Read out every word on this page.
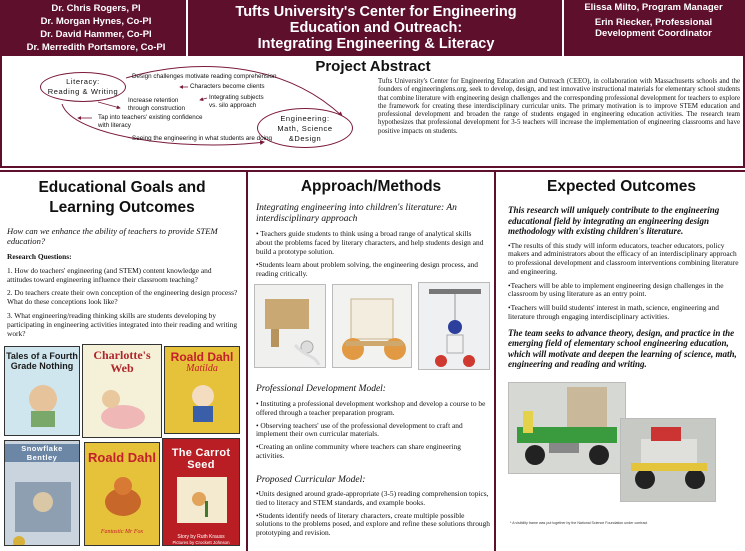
Dr. Chris Rogers, PI
Dr. Morgan Hynes, Co-PI
Dr. David Hammer, Co-PI
Dr. Merredith Portsmore, Co-PI
Tufts University's Center for Engineering
Education and Outreach:
Integrating Engineering & Literacy
Elissa Milto, Program Manager
Erin Riecker, Professional Development Coordinator
Literacy:
Reading & Writing
Engineering:
Math, Science
&Design
Design challenges motivate reading comprehension
Characters become clients
Integrating subjects vs. silo approach
Increase retention through construction
Tap into teachers' existing confidence with literacy
Seeing the engineering in what students are doing
Project Abstract
Tufts University's Center for Engineering Education and Outreach (CEEO), in collaboration with Massachusetts schools and the founders of engineeringlens.org, seek to develop, design, and test innovative instructional materials for elementary school students that combine literature with engineering design challenges and the corresponding professional development for teachers to explore the framework for creating these interdisciplinary curricular units. The primary motivation is to improve STEM education and professional development and broaden the range of students engaged in engineering education activities. The research team hypothesizes that professional development for 3-5 teachers will increase the implementation of engineering classrooms and have positive impacts on students.
Educational Goals and Learning Outcomes
How can we enhance the ability of teachers to provide STEM education?
Research Questions:
1. How do teachers' engineering (and STEM) content knowledge and attitudes toward engineering influence their classroom teaching?
2. Do teachers create their own conception of the engineering design process? What do these conceptions look like?
3. What engineering/reading thinking skills are students developing by participating in engineering activities integrated into their reading and writing work?
Tales of a Fourth Grade Nothing
Charlotte's Web
Roald Dahl
Matilda
Snowflake Bentley	Roald Dahl
Fantastic Mr Fox
The Carrot Seed
Story by Ruth Krauss
Pictures by Crockett Johnson
Approach/Methods
Integrating engineering into children's literature: An interdisciplinary approach
• Teachers guide students to think using a broad range of analytical skills about the problems faced by literary characters, and help students design and build a prototype solution.
•Students learn about problem solving, the engineering design process, and reading critically.
Professional Development Model:
• Instituting a professional development workshop and develop a course to be offered through a teacher preparation program.
• Observing teachers' use of the professional development to craft and implement their own curricular materials.
•Creating an online community where teachers can share engineering activities.
Proposed Curricular Model:
•Units designed around grade-appropriate (3-5) reading comprehension topics, tied to literacy and STEM standards, and example books.
•Students identify needs of literary characters, create multiple possible solutions to the problems posed, and explore and refine these solutions through prototyping and revision.
Expected Outcomes
This research will uniquely contribute to the engineering educational field by integrating an engineering design methodology with existing children's literature.
•The results of this study will inform educators, teacher educators, policy makers and administrators about the efficacy of an interdisciplinary approach to professional development and classroom interventions combining literature and engineering.
•Teachers will be able to implement engineering design challenges in the classroom by using literature as an entry point.
•Teachers will build students' interest in math, science, engineering and literature through engaging interdisciplinary activities.
The team seeks to advance theory, design, and practice in the emerging field of elementary school engineering education, which will motivate and deepen the learning of science, math, engineering and reading and writing.
* A visibility frame was put together by the National Science Foundation under contract
